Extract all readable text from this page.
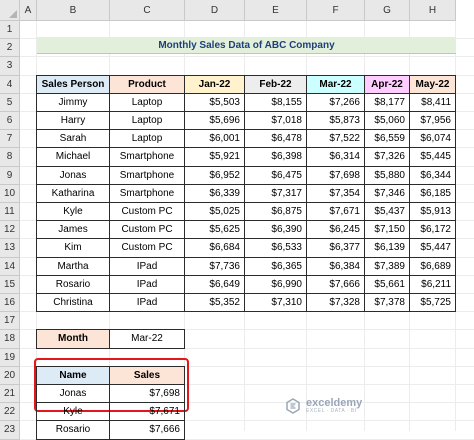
Monthly Sales Data of ABC Company
exceldemy
EXCEL · DATA · BI
A	B	C	D	E	F	G	H
1
2
3
4
5
6
7
8
9
10
11
12
13
14
15
16
17
18
19
20
21
22
23
Sales Person	Product	Jan-22	Feb-22	Mar-22	Apr-22	May-22
Jimmy	Laptop	$5,503	$8,155	$7,266	$8,177	$8,411
Harry	Laptop	$5,696	$7,018	$5,873	$5,060	$7,956
Sarah	Laptop	$6,001	$6,478	$7,522	$6,559	$6,074
Michael	Smartphone	$5,921	$6,398	$6,314	$7,326	$5,445
Jonas	Smartphone	$6,952	$6,475	$7,698	$5,880	$6,344
Katharina	Smartphone	$6,339	$7,317	$7,354	$7,346	$6,185
Kyle	Custom PC	$5,025	$6,875	$7,671	$5,437	$5,913
James	Custom PC	$5,625	$6,390	$6,245	$7,150	$6,172
Kim	Custom PC	$6,684	$6,533	$6,377	$6,139	$5,447
Martha	IPad	$7,736	$6,365	$6,384	$7,389	$6,689
Rosario	IPad	$6,649	$6,990	$7,666	$5,661	$6,211
Christina	IPad	$5,352	$7,310	$7,328	$7,378	$5,725
Month	Mar-22
Name	Sales
Jonas	$7,698
Kyle	$7,671
Rosario	$7,666
